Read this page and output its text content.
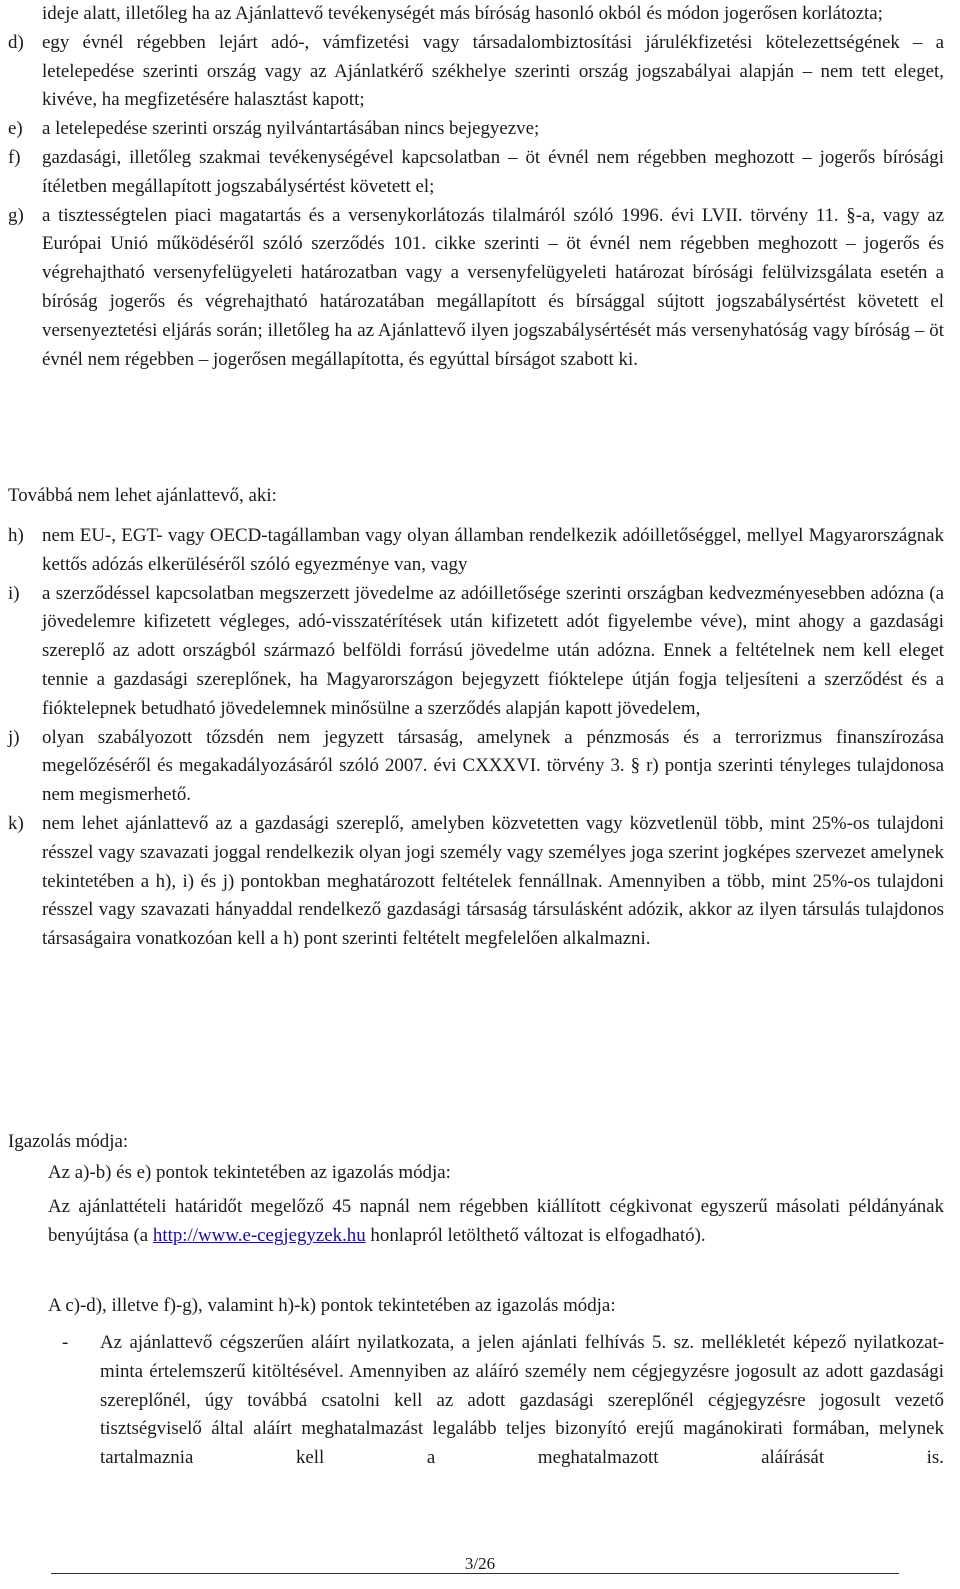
ideje alatt, illetőleg ha az Ajánlattevő tevékenységét más bíróság hasonló okból és módon jogerősen korlátozta;
d) egy évnél régebben lejárt adó-, vámfizetési vagy társadalombiztosítási járulékfizetési kötelezettségének – a letelepedése szerinti ország vagy az Ajánlatkérő székhelye szerinti ország jogszabályai alapján – nem tett eleget, kivéve, ha megfizetésére halasztást kapott;
e)	a letelepedése szerinti ország nyilvántartásában nincs bejegyezve;
f)	gazdasági, illetőleg szakmai tevékenységével kapcsolatban – öt évnél nem régebben meghozott – jogerős bírósági ítéletben megállapított jogszabálysértést követett el;
g) a tisztességtelen piaci magatartás és a versenykorlátozás tilalmáról szóló 1996. évi LVII. törvény 11. §-a, vagy az Európai Unió működéséről szóló szerződés 101. cikke szerinti – öt évnél nem régebben meghozott – jogerős és végrehajtható versenyfelügyeleti határozatban vagy a versenyfelügyeleti határozat bírósági felülvizsgálata esetén a bíróság jogerős és végrehajtható határozatában megállapított és bírsággal sújtott jogszabálysértést követett el versenyeztetési eljárás során; illetőleg ha az Ajánlattevő ilyen jogszabálysértését más versenyhatóság vagy bíróság – öt évnél nem régebben – jogerősen megállapította, és egyúttal bírságot szabott ki.
Továbbá nem lehet ajánlattevő, aki:
h) nem EU-, EGT- vagy OECD-tagállamban vagy olyan államban rendelkezik adóilletőséggel, mellyel Magyarországnak kettős adózás elkerüléséről szóló egyezménye van, vagy
i)	a szerződéssel kapcsolatban megszerzett jövedelme az adóilletősége szerinti országban kedvezményesebben adózna (a jövedelemre kifizetett végleges, adó-visszatérítések után kifizetett adót figyelembe véve), mint ahogy a gazdasági szereplő az adott országból származó belföldi forrású jövedelme után adózna. Ennek a feltételnek nem kell eleget tennie a gazdasági szereplőnek, ha Magyarországon bejegyzett fióktelepe útján fogja teljesíteni a szerződést és a fióktelepnek betudható jövedelemnek minősülne a szerződés alapján kapott jövedelem,
j)	olyan szabályozott tőzsdén nem jegyzett társaság, amelynek a pénzmosás és a terrorizmus finanszírozása megelőzéséről és megakadályozásáról szóló 2007. évi CXXXVI. törvény 3. § r) pontja szerinti tényleges tulajdonosa nem megismerhető.
k) nem lehet ajánlattevő az a gazdasági szereplő, amelyben közvetetten vagy közvetlenül több, mint 25%-os tulajdoni résszel vagy szavazati joggal rendelkezik olyan jogi személy vagy személyes joga szerint jogképes szervezet amelynek tekintetében a h), i) és j) pontokban meghatározott feltételek fennállnak. Amennyiben a több, mint 25%-os tulajdoni résszel vagy szavazati hányaddal rendelkező gazdasági társaság társulásként adózik, akkor az ilyen társulás tulajdonos társaságaira vonatkozóan kell a h) pont szerinti feltételt megfelelően alkalmazni.
Igazolás módja:
Az a)-b) és e) pontok tekintetében az igazolás módja:
Az ajánlattételi határidőt megelőző 45 napnál nem régebben kiállított cégkivonat egyszerű másolati példányának benyújtása (a http://www.e-cegjegyzek.hu honlapról letölthető változat is elfogadható).
A c)-d), illetve f)-g), valamint h)-k) pontok tekintetében az igazolás módja:
-	Az ajánlattevő cégszerűen aláírt nyilatkozata, a jelen ajánlati felhívás 5. sz. mellékletét képező nyilatkozat-minta értelemszerű kitöltésével. Amennyiben az aláíró személy nem cégjegyzésre jogosult az adott gazdasági szereplőnél, úgy továbbá csatolni kell az adott gazdasági szereplőnél cégjegyzésre jogosult vezető tisztségviselő által aláírt meghatalmazást legalább teljes bizonyító erejű magánokirati formában, melynek tartalmaznia kell a meghatalmazott aláírását is.
3/26
